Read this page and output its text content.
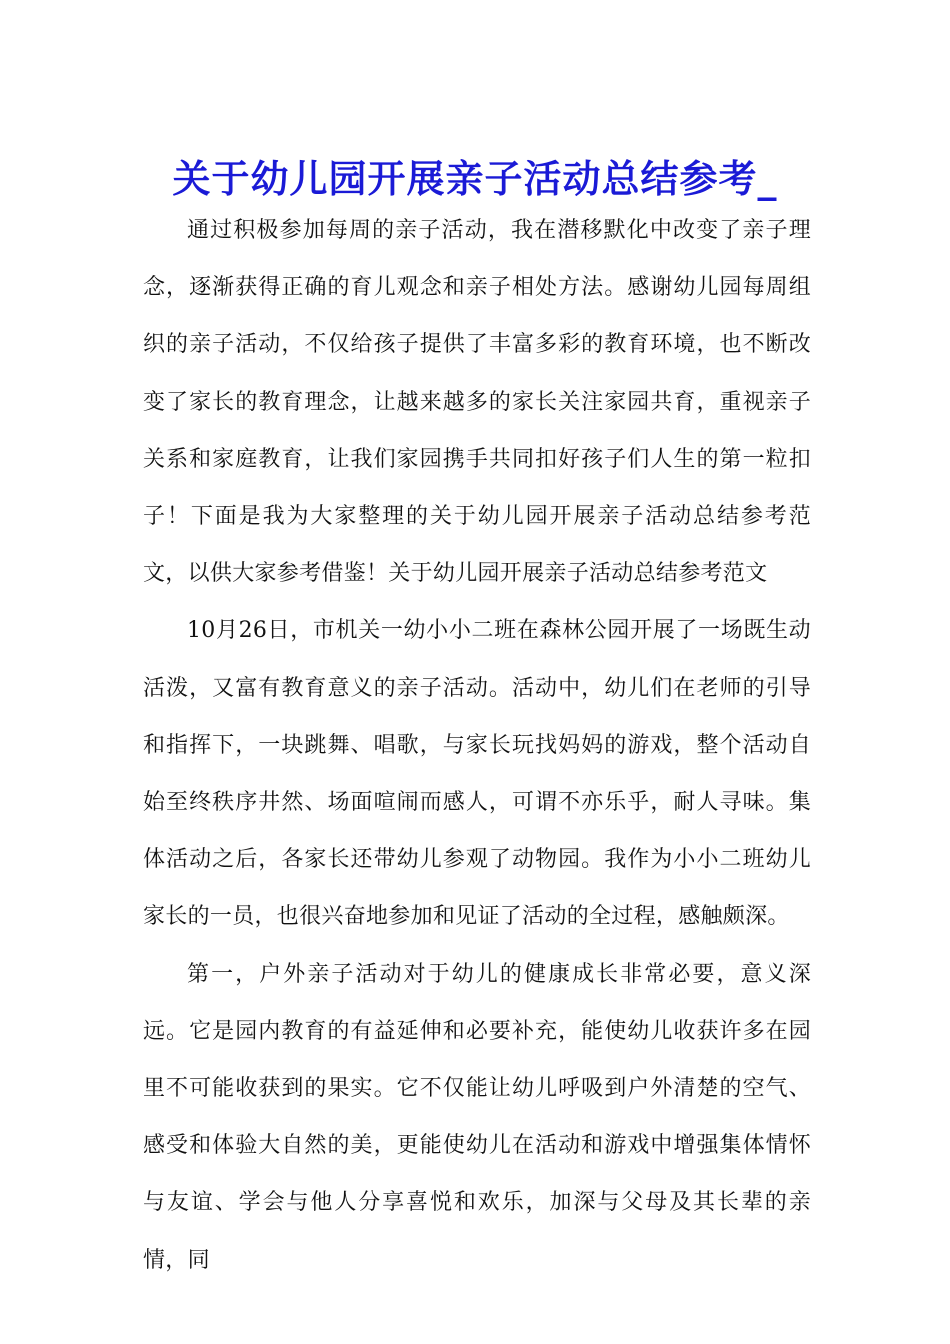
关于幼儿园开展亲子活动总结参考_

通过积极参加每周的亲子活动，我在潜移默化中改变了亲子理念，逐渐获得正确的育儿观念和亲子相处方法。感谢幼儿园每周组织的亲子活动，不仅给孩子提供了丰富多彩的教育环境，也不断改变了家长的教育理念，让越来越多的家长关注家园共育，重视亲子关系和家庭教育，让我们家园携手共同扣好孩子们人生的第一粒扣子！下面是我为大家整理的关于幼儿园开展亲子活动总结参考范文，以供大家参考借鉴！关于幼儿园开展亲子活动总结参考范文

10月26日，市机关一幼小小二班在森林公园开展了一场既生动活泼，又富有教育意义的亲子活动。活动中，幼儿们在老师的引导和指挥下，一块跳舞、唱歌，与家长玩找妈妈的游戏，整个活动自始至终秩序井然、场面喧闹而感人，可谓不亦乐乎，耐人寻味。集体活动之后，各家长还带幼儿参观了动物园。我作为小小二班幼儿家长的一员，也很兴奋地参加和见证了活动的全过程，感触颇深。

第一，户外亲子活动对于幼儿的健康成长非常必要，意义深远。它是园内教育的有益延伸和必要补充，能使幼儿收获许多在园里不可能收获到的果实。它不仅能让幼儿呼吸到户外清楚的空气、感受和体验大自然的美，更能使幼儿在活动和游戏中增强集体情怀与友谊、学会与他人分享喜悦和欢乐，加深与父母及其长辈的亲情，同
